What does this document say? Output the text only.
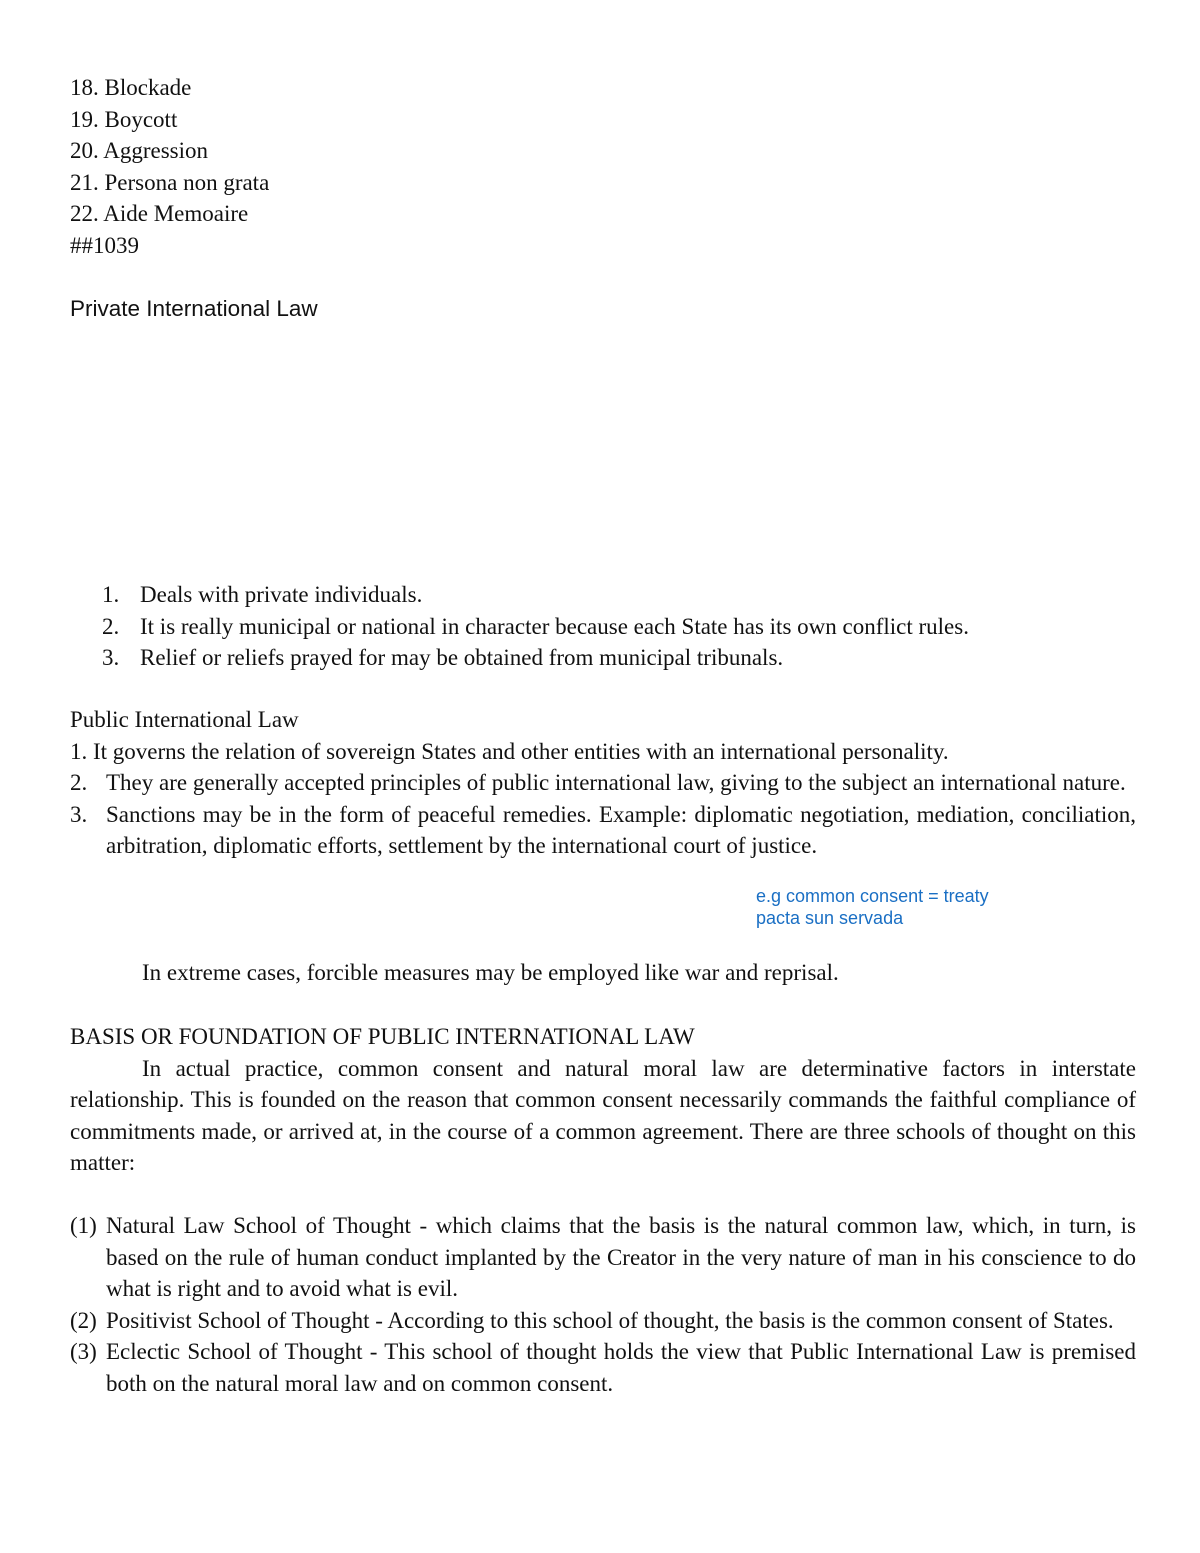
18. Blockade
19. Boycott
20. Aggression
21. Persona non grata
22. Aide Memoaire
##1039
Private International Law
1. Deals with private individuals.
2. It is really municipal or national in character because each State has its own conflict rules.
3. Relief or reliefs prayed for may be obtained from municipal tribunals.
Public International Law
1. It governs the relation of sovereign States and other entities with an international personality.
2. They are generally accepted principles of public international law, giving to the subject an international nature.
3. Sanctions may be in the form of peaceful remedies. Example: diplomatic negotiation, mediation, conciliation, arbitration, diplomatic efforts, settlement by the international court of justice.
e.g common consent = treaty
pacta sun servada
In extreme cases, forcible measures may be employed like war and reprisal.
BASIS OR FOUNDATION OF PUBLIC INTERNATIONAL LAW
In actual practice, common consent and natural moral law are determinative factors in interstate relationship. This is founded on the reason that common consent necessarily commands the faithful compliance of commitments made, or arrived at, in the course of a common agreement. There are three schools of thought on this matter:
(1) Natural Law School of Thought - which claims that the basis is the natural common law, which, in turn, is based on the rule of human conduct implanted by the Creator in the very nature of man in his conscience to do what is right and to avoid what is evil.
(2) Positivist School of Thought - According to this school of thought, the basis is the common consent of States.
(3) Eclectic School of Thought - This school of thought holds the view that Public International Law is premised both on the natural moral law and on common consent.
